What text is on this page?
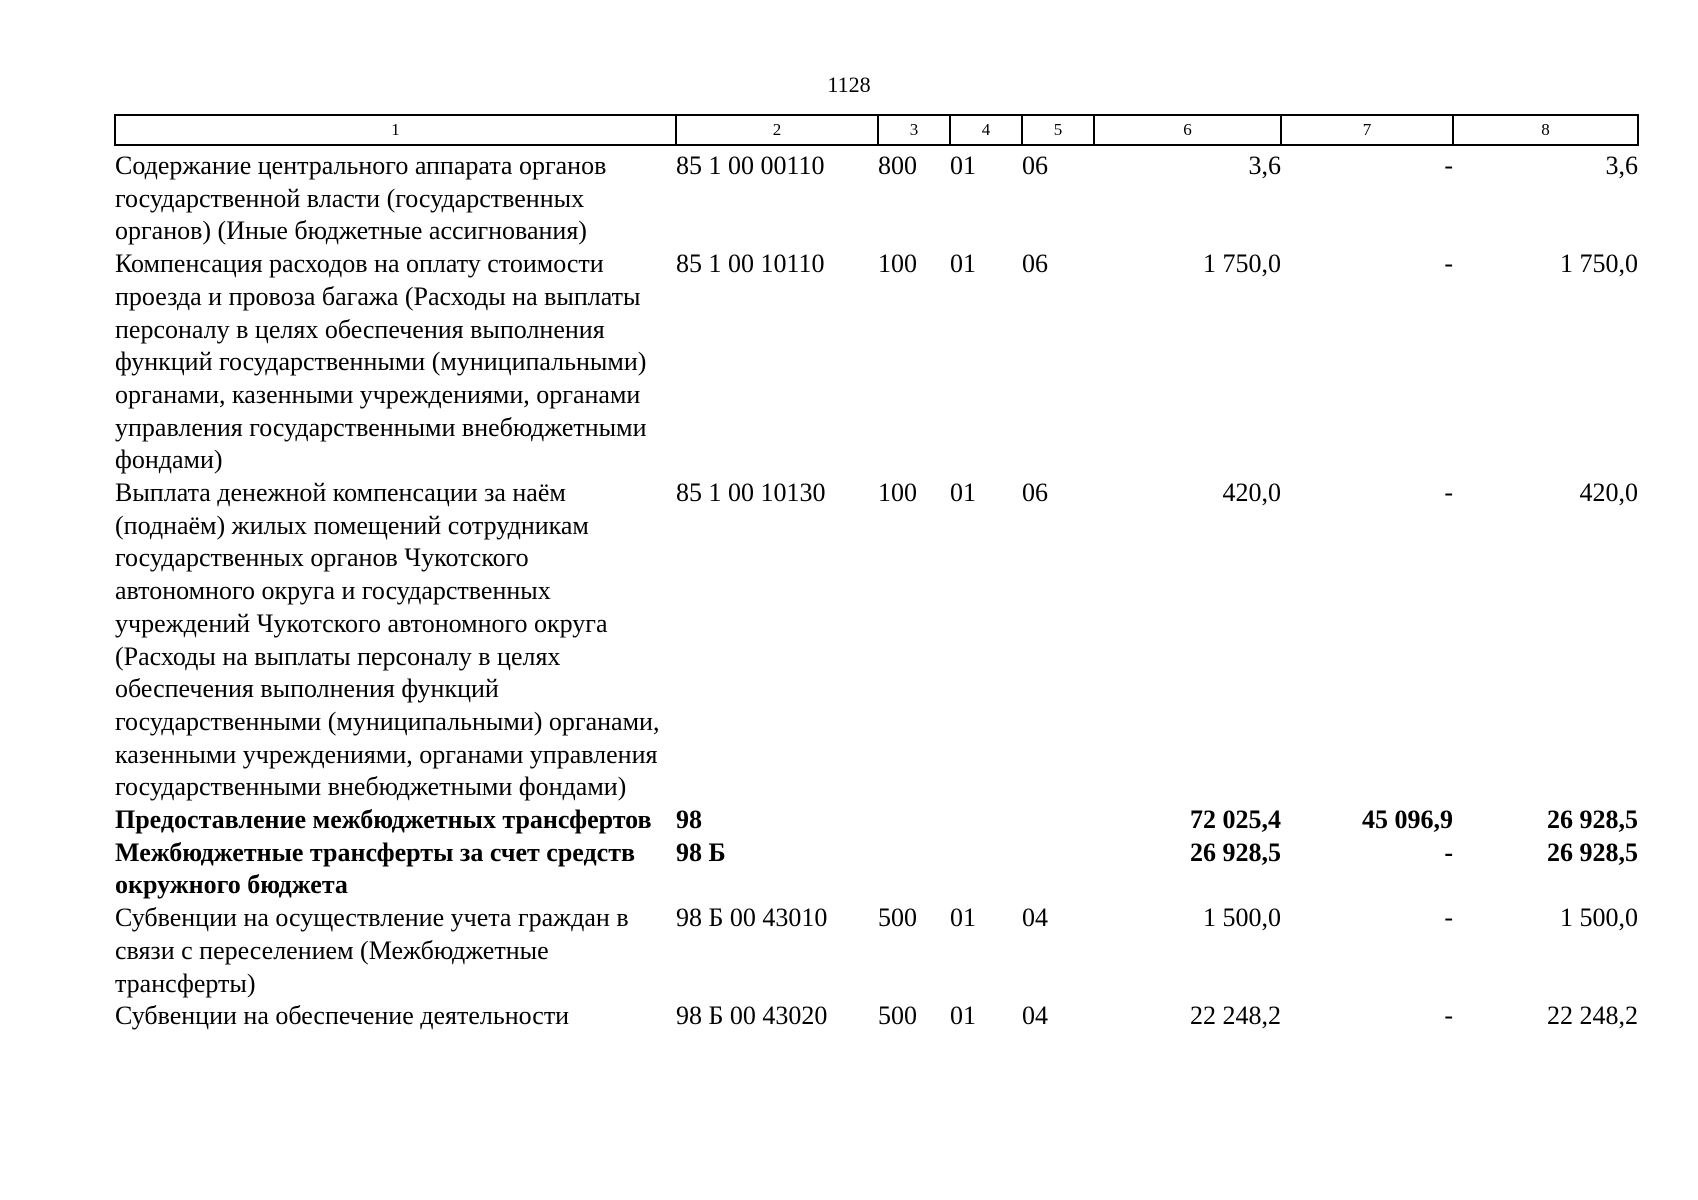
1128
1	2	3	4	5	6	7	8
Содержание центрального аппарата органов государственной власти (государственных органов) (Иные бюджетные ассигнования)	85 1 00 00110	800	01	06	3,6	-	3,6
Компенсация расходов на оплату стоимости проезда и провоза багажа (Расходы на выплаты персоналу в целях обеспечения выполнения функций государственными (муниципальными) органами, казенными учреждениями, органами управления государственными внебюджетными фондами)	85 1 00 10110	100	01	06	1 750,0	-	1 750,0
Выплата денежной компенсации за наём (поднаём) жилых помещений сотрудникам государственных органов Чукотского автономного округа и государственных учреждений Чукотского автономного округа (Расходы на выплаты персоналу в целях обеспечения выполнения функций государственными (муниципальными) органами, казенными учреждениями, органами управления государственными внебюджетными фондами)	85 1 00 10130	100	01	06	420,0	-	420,0
Предоставление межбюджетных трансфертов	98				72 025,4	45 096,9	26 928,5
Межбюджетные трансферты за счет средств окружного бюджета	98 Б				26 928,5	-	26 928,5
Субвенции на осуществление учета граждан в связи с переселением (Межбюджетные трансферты)	98 Б 00 43010	500	01	04	1 500,0	-	1 500,0
Субвенции на обеспечение деятельности	98 Б 00 43020	500	01	04	22 248,2	-	22 248,2
